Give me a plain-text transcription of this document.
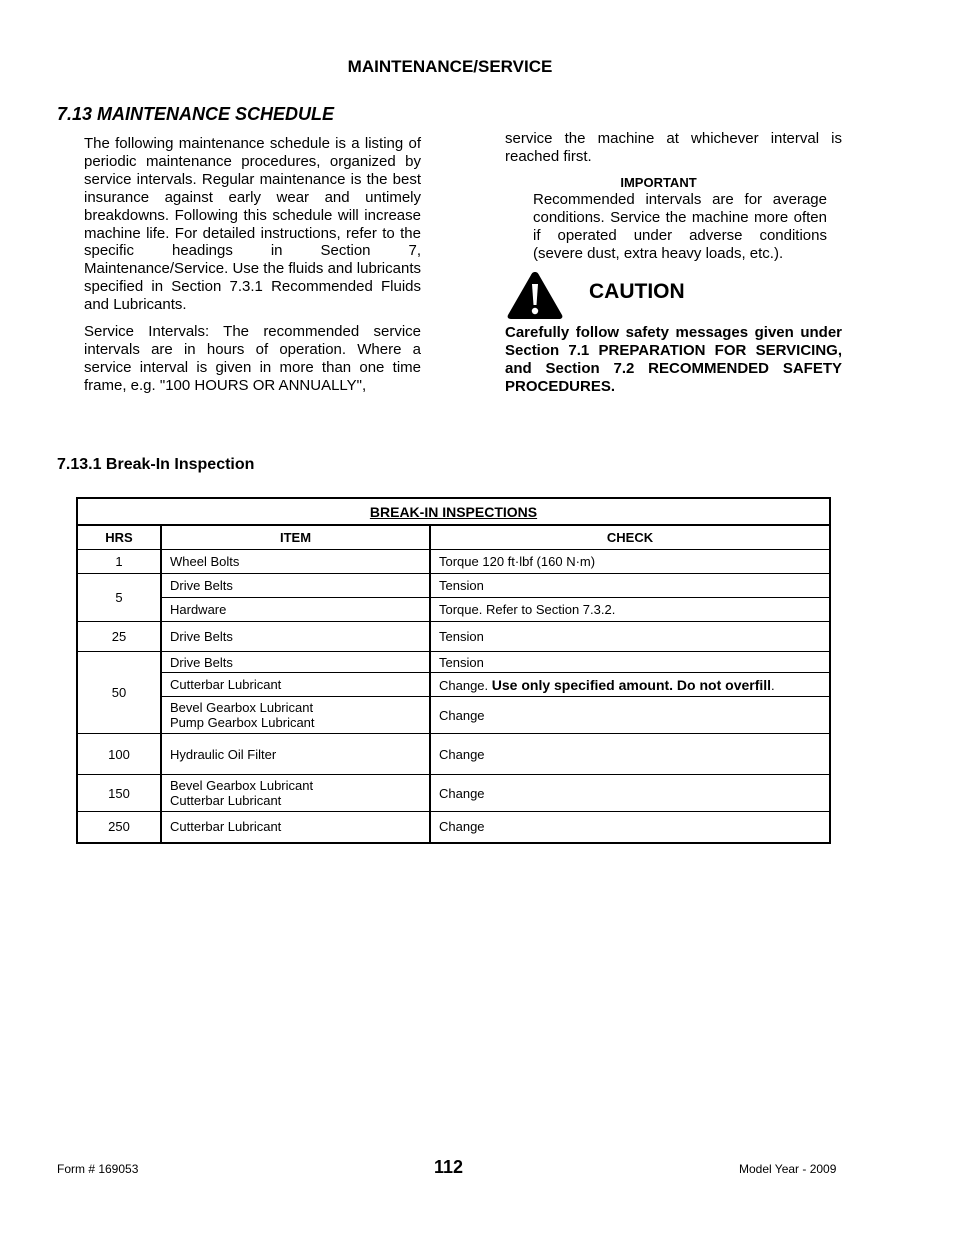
MAINTENANCE/SERVICE
7.13 MAINTENANCE SCHEDULE
The following maintenance schedule is a listing of periodic maintenance procedures, organized by service intervals. Regular maintenance is the best insurance against early wear and untimely breakdowns. Following this schedule will increase machine life. For detailed instructions, refer to the specific headings in Section 7, Maintenance/Service. Use the fluids and lubricants specified in Section 7.3.1 Recommended Fluids and Lubricants.
Service Intervals: The recommended service intervals are in hours of operation. Where a service interval is given in more than one time frame, e.g. "100 HOURS OR ANNUALLY",
service the machine at whichever interval is reached first.
IMPORTANT
Recommended intervals are for average conditions. Service the machine more often if operated under adverse conditions (severe dust, extra heavy loads, etc.).
CAUTION
Carefully follow safety messages given under Section 7.1 PREPARATION FOR SERVICING, and Section 7.2 RECOMMENDED SAFETY PROCEDURES.
7.13.1 Break-In Inspection
BREAK-IN INSPECTIONS		
HRS	ITEM	CHECK
1	Wheel Bolts	Torque 120 ft·lbf (160 N·m)
5	Drive Belts	Tension
	Hardware	Torque. Refer to Section 7.3.2.
25	Drive Belts	Tension
50	Drive Belts	Tension
	Cutterbar Lubricant	Change. Use only specified amount. Do not overfill.

	Bevel Gearbox Lubricant
Pump Gearbox Lubricant	Change
100	Hydraulic Oil Filter	Change
150	Bevel Gearbox Lubricant
Cutterbar Lubricant	Change
250	Cutterbar Lubricant	Change
Form # 169053	112	Model Year - 2009
